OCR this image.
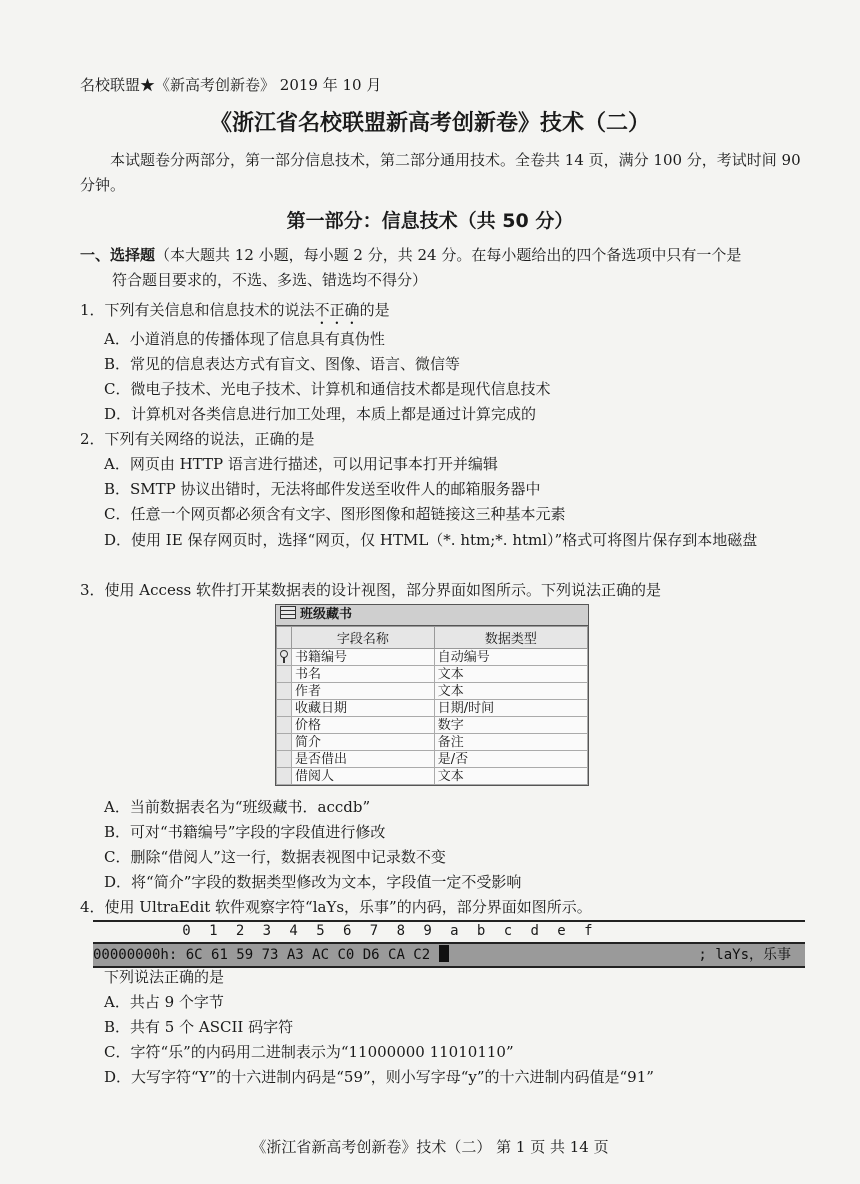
名校联盟★《新高考创新卷》 2019 年 10 月
《浙江省名校联盟新高考创新卷》技术（二）
本试题卷分两部分，第一部分信息技术，第二部分通用技术。全卷共 14 页，满分 100 分，考试时间 90 分钟。
第一部分：信息技术（共 50 分）
一、选择题（本大题共 12 小题，每小题 2 分，共 24 分。在每小题给出的四个备选项中只有一个是
符合题目要求的，不选、多选、错选均不得分）
1．下列有关信息和信息技术的说法不正确的是
A．小道消息的传播体现了信息具有真伪性
B．常见的信息表达方式有盲文、图像、语言、微信等
C．微电子技术、光电子技术、计算机和通信技术都是现代信息技术
D．计算机对各类信息进行加工处理，本质上都是通过计算完成的
2．下列有关网络的说法，正确的是
A．网页由 HTTP 语言进行描述，可以用记事本打开并编辑
B．SMTP 协议出错时，无法将邮件发送至收件人的邮箱服务器中
C．任意一个网页都必须含有文字、图形图像和超链接这三种基本元素
D．使用 IE 保存网页时，选择“网页，仅 HTML（*. htm;*. html）”格式可将图片保存到本地磁盘
3．使用 Access 软件打开某数据表的设计视图，部分界面如图所示。下列说法正确的是
班级藏书
	字段名称	数据类型
	书籍编号	自动编号
	书名	文本
	作者	文本
	收藏日期	日期/时间
	价格	数字
	简介	备注
	是否借出	是/否
	借阅人	文本
A．当前数据表名为“班级藏书．accdb”
B．可对“书籍编号”字段的字段值进行修改
C．删除“借阅人”这一行，数据表视图中记录数不变
D．将“简介”字段的数据类型修改为文本，字段值一定不受影响
4．使用 UltraEdit 软件观察字符“laYs，乐事”的内码，部分界面如图所示。
0  1  2  3  4  5  6  7  8  9  a  b  c  d  e  f
00000000h: 6C 61 59 73 A3 AC C0 D6 CA C2	; laYs，乐事
下列说法正确的是
A．共占 9 个字节
B．共有 5 个 ASCII 码字符
C．字符“乐”的内码用二进制表示为“11000000 11010110”
D．大写字符“Y”的十六进制内码是“59”，则小写字母“y”的十六进制内码值是“91”
《浙江省新高考创新卷》技术（二） 第 1 页 共 14 页
